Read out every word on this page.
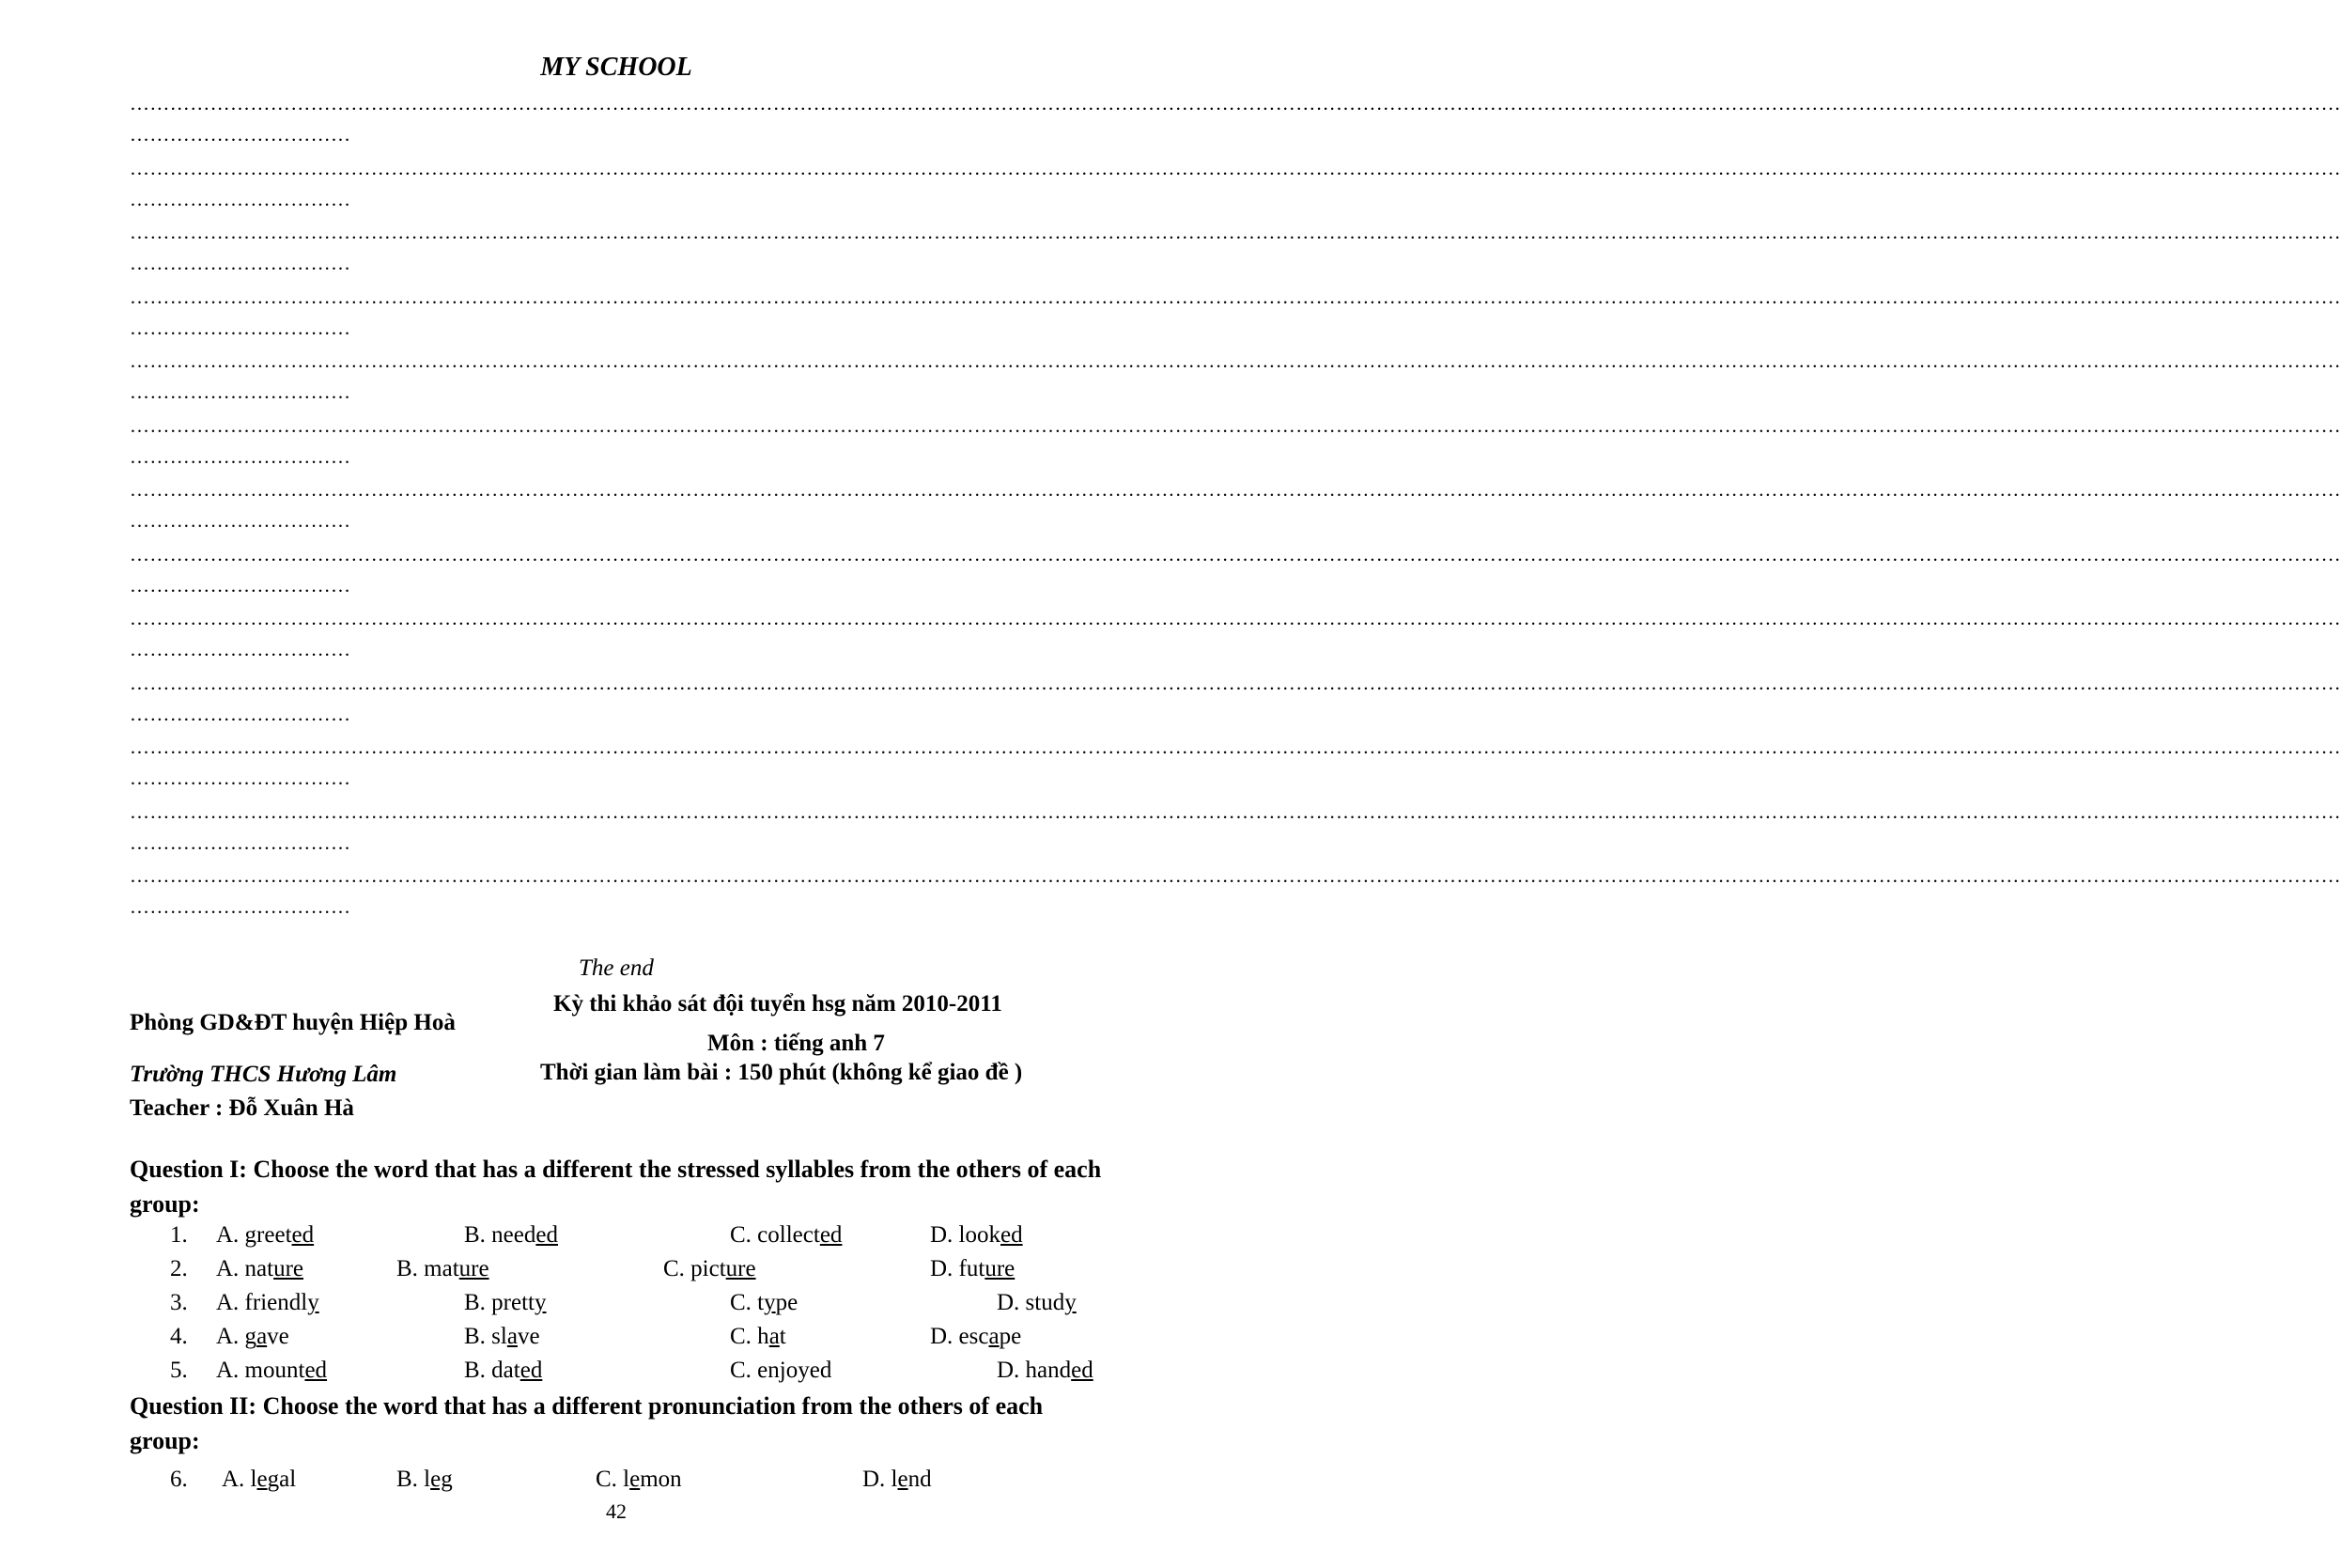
MY SCHOOL
……………………………………………………………………………………………………………………………………………………………………………………………………………………………………………………………………………………………………
……………………………
……………………………………………………………………………………………………………………………………………………………………………………………………………………………………………………………………………………………………
……………………………
……………………………………………………………………………………………………………………………………………………………………………………………………………………………………………………………………………………………………
……………………………
……………………………………………………………………………………………………………………………………………………………………………………………………………………………………………………………………………………………………
……………………………
……………………………………………………………………………………………………………………………………………………………………………………………………………………………………………………………………………………………………
……………………………
……………………………………………………………………………………………………………………………………………………………………………………………………………………………………………………………………………………………………
……………………………
……………………………………………………………………………………………………………………………………………………………………………………………………………………………………………………………………………………………………
……………………………
……………………………………………………………………………………………………………………………………………………………………………………………………………………………………………………………………………………………………
……………………………
……………………………………………………………………………………………………………………………………………………………………………………………………………………………………………………………………………………………………
……………………………
……………………………………………………………………………………………………………………………………………………………………………………………………………………………………………………………………………………………………
……………………………
……………………………………………………………………………………………………………………………………………………………………………………………………………………………………………………………………………………………………
……………………………
……………………………………………………………………………………………………………………………………………………………………………………………………………………………………………………………………………………………………
……………………………
……………………………………………………………………………………………………………………………………………………………………………………………………………………………………………………………………………………………………
……………………………
The end
Kỳ thi khảo sát đội tuyển hsg năm 2010-2011
Phòng GD&ĐT huyện Hiệp Hoà
Môn : tiếng anh 7
Trường THCS Hương Lâm	Thời gian làm bài : 150 phút (không kể giao đề )
Teacher : Đỗ Xuân Hà
Question I: Choose the word that has a different the stressed syllables from the others of each group:
1. A. greeted	B. needed	C. collected	D. looked
2. A. nature	B. mature	C. picture	D. future
3. A. friendly	B. pretty	C. type	D. study
4. A. gave	B. slave	C. hat	D. escape
5. A. mounted	B. dated	C. enjoyed	D. handed
Question II: Choose the word that has a different pronunciation from the others of each group:
6. A. legal	B. leg	C. lemon	D. lend
42
